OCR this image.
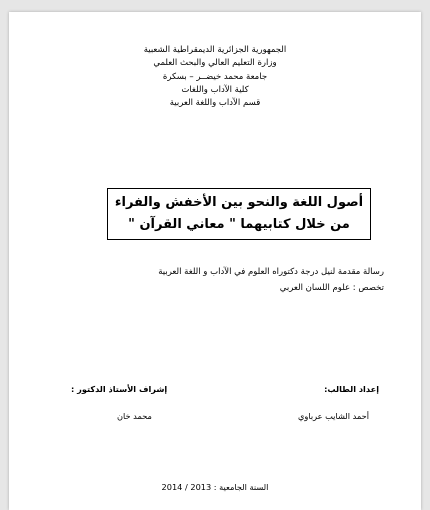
الجمهورية الجزائرية الديمقراطية الشعبية
وزارة التعليم العالي والبحث العلمي
جامعة محمد خيضــر – بسكرة
كلية الآداب واللغات
قسم الآداب واللغة العربية
أصول اللغة والنحو بين الأخفش والفراء
من خلال كتابيهما " معاني القرآن "
رسالة مقدمة لنيل درجة دكتوراه العلوم في الآداب و اللغة العربية
تخصص : علوم اللسان العربي
إعداد الطالب:
أحمد الشايب عرباوي
إشراف الأستاذ الدكتور :
محمد خان
السنة الجامعية : 2013 / 2014
